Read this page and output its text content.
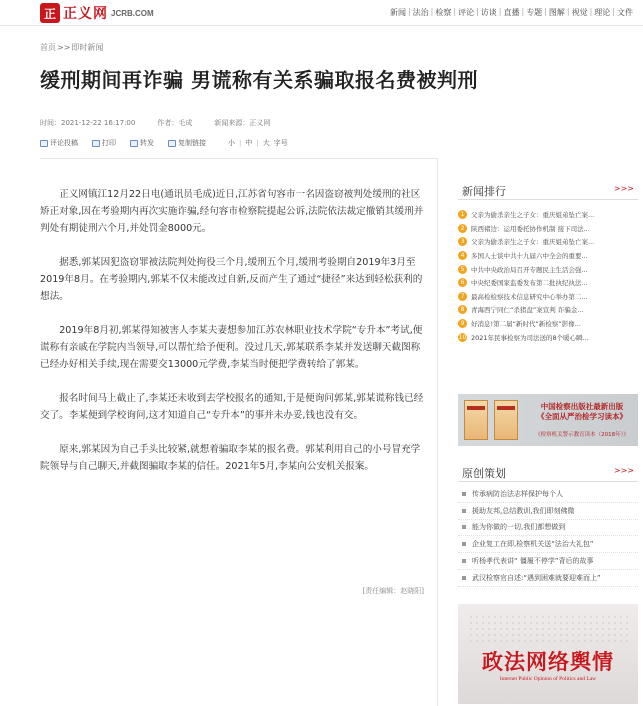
正 正义网 JCRB.COM	新闻 | 法治 | 检察 | 评论 | 访谈 | 直播 | 专题 | 图解 | 视觉 | 理论 | 文件
首页>>即时新闻
缓刑期间再诈骗 男谎称有关系骗取报名费被判刑
时间：2021-12-22 16:17:00	作者：毛成	新闻来源：正义网
评论投稿	打印	转发	复制链接	小 | 中 | 大 字号

正义网镇江12月22日电(通讯员毛成)近日,江苏省句容市一名因盗窃被判处缓刑的社区矫正对象,因在考验期内再次实施诈骗,经句容市检察院提起公诉,法院依法裁定撤销其缓刑并判处有期徒刑六个月,并处罚金8000元。

据悉,郭某因犯盗窃罪被法院判处拘役三个月,缓刑五个月,缓刑考验期自2019年3月至2019年8月。在考验期内,郭某不仅未能改过自新,反而产生了通过“捷径”来达到轻松获利的想法。

2019年8月初,郭某得知被害人李某夫妻想参加江苏农林职业技术学院“专升本”考试,便谎称有亲戚在学院内当领导,可以帮忙给予便利。没过几天,郭某联系李某并发送聊天截图称已经办好相关手续,现在需要交13000元学费,李某当时便把学费转给了郭某。

报名时间马上截止了,李某还未收到去学校报名的通知,于是便询问郭某,郭某谎称钱已经交了。李某便到学校询问,这才知道自己“专升本”的事并未办妥,钱也没有交。

原来,郭某因为自己手头比较紧,就想着骗取李某的报名费。郭某利用自己的小号冒充学院领导与自己聊天,并截图骗取李某的信任。2021年5月,李某向公安机关报案。

[责任编辑：赵晓阳]
新闻排行	>>>
1	父亲为偷杀亲生之子女：重庆姐弟坠亡案...
2	陕西褚边：运用委托协作机制 接下司法...
3	父亲为偷杀亲生之子女：重庆姐弟坠亡案...
4	多国人士谈中共十九届六中全会的重要...
5	中共中央政治局召开专题民主生活会强...
6	中央纪委国家监委发布第二批执纪执法...
7	最高检检察技术信息研究中心举办第二...
8	青海西宁同仁“杀猪盘”案宣判 诈骗金...
9	好消息!第二届“新时代”新检察”影像...
10 2021年民事检察为司法送的8个暖心瞬...
中国检察出版社最新出版
《全面从严治检学习读本》
《检察机关警示教育读本（2018年）》
原创策划	>>>
传承病防治法志样保护每个人
援助友邦,总结教训,我们即刻佛微
能为你做的一切,我们都想做到
企业复工在即,检察机关送“法治大礼包”
听杨孝代表讲“ 僵履不停学”背后的故事
武汉检察官自述:“遇到困难就要迎难而上”
政法网络舆情
Internet Public Opinion of Politics and Law
